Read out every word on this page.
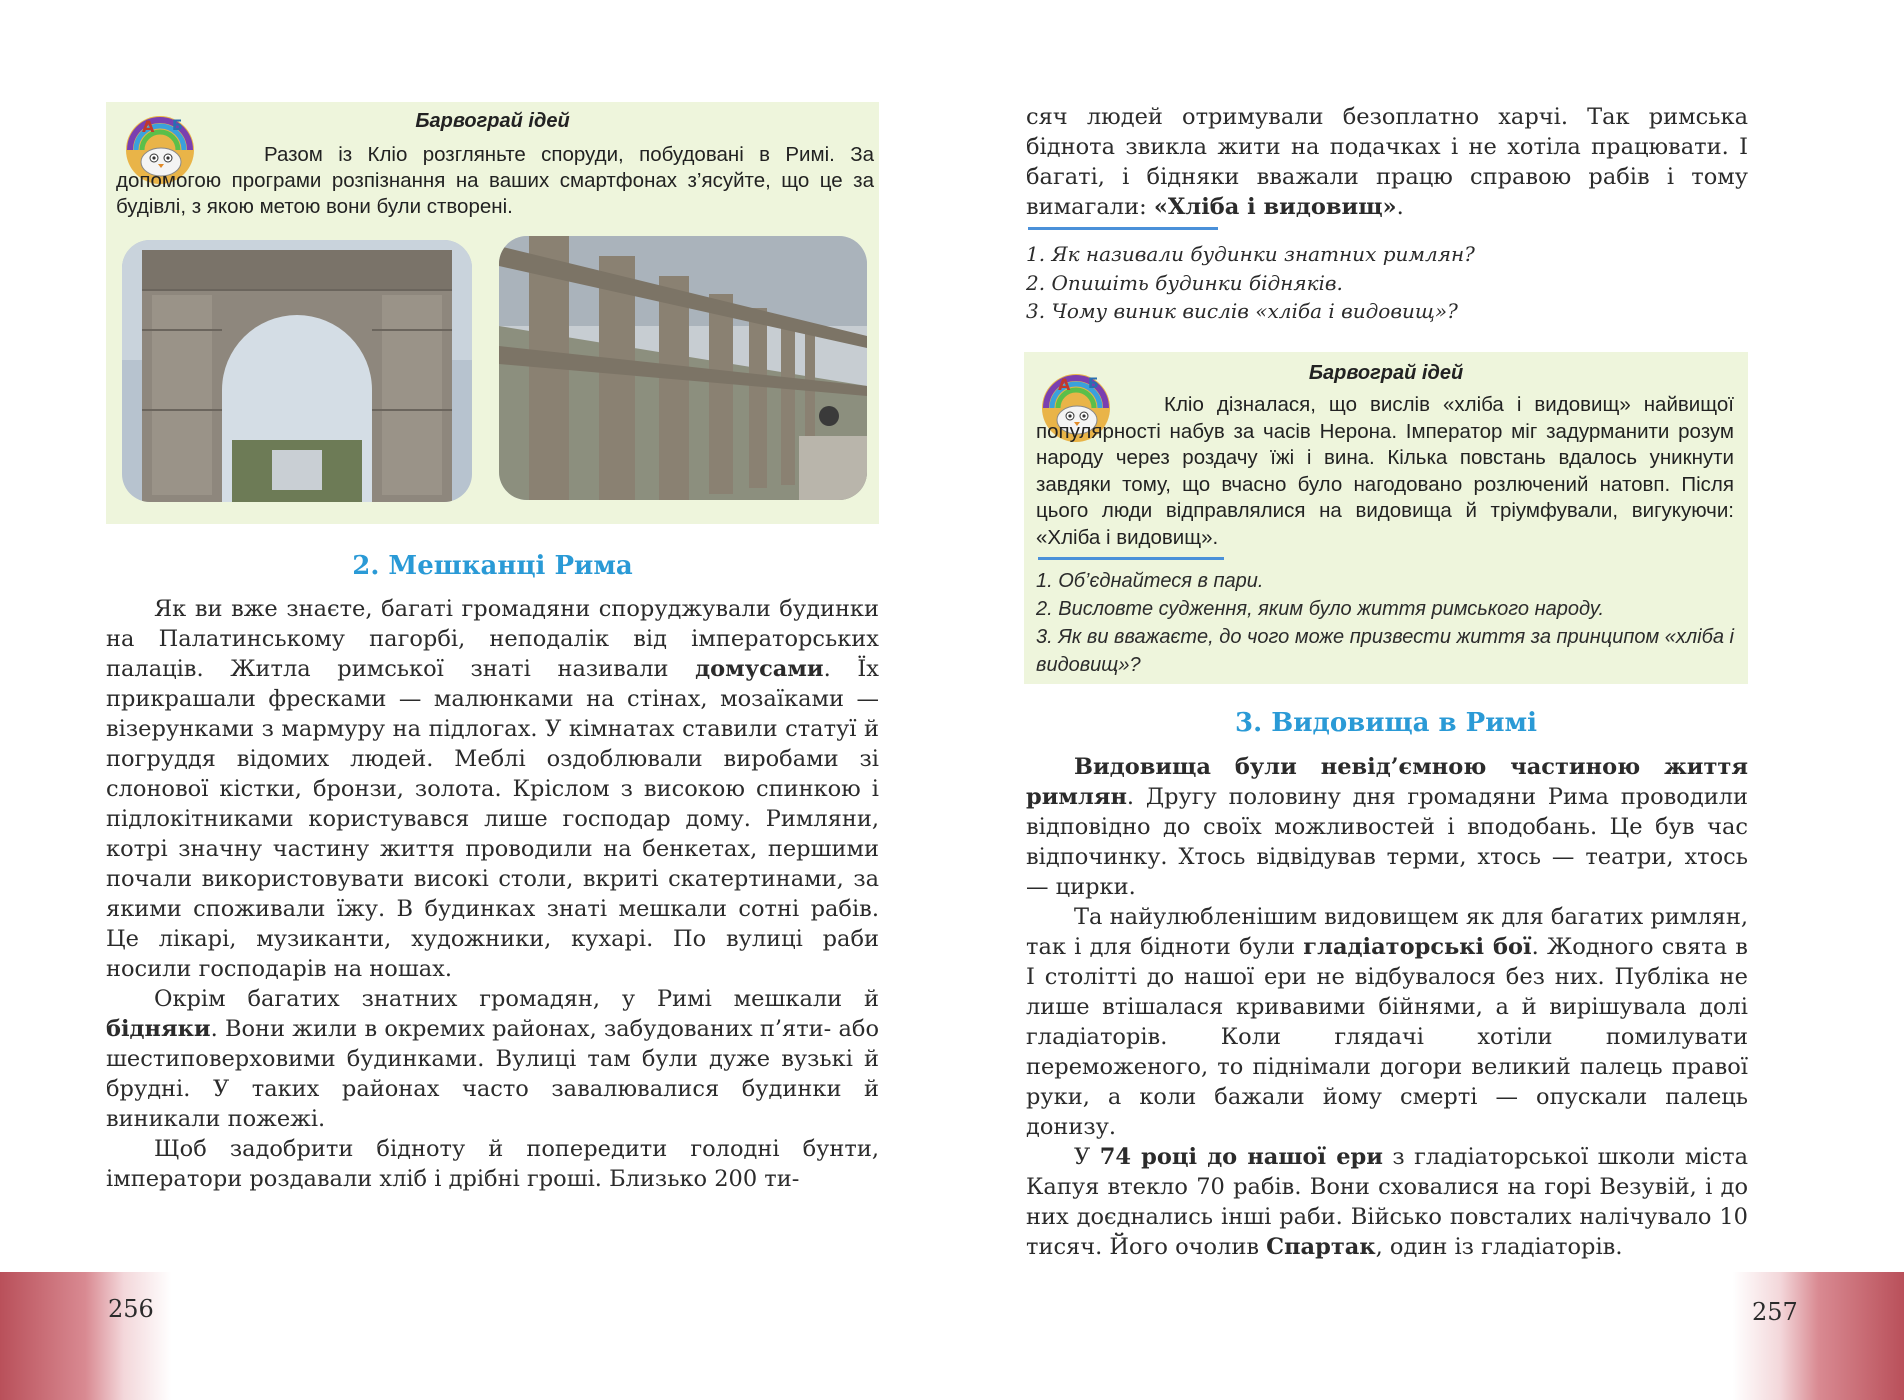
А Б	Барвограй ідей
Разом із Кліо розгляньте споруди, побудовані в Римі. За допомогою програми розпізнання на ваших смартфонах з’ясуйте, що це за будівлі, з якою метою вони були створені.
2. Мешканці Рима

Як ви вже знаєте, багаті громадяни споруджували будинки на Палатинському пагорбі, неподалік від імператорських палаців. Житла римської знаті називали домусами. Їх прикрашали фресками — малюнками на стінах, мозаїками — візерунками з мармуру на підлогах. У кімнатах ставили статуї й погруддя відомих людей. Меблі оздоблювали виробами зі слонової кістки, бронзи, золота. Кріслом з високою спинкою і підлокітниками користувався лише господар дому. Римляни, котрі значну частину життя проводили на бенкетах, першими почали використовувати високі столи, вкриті скатертинами, за якими споживали їжу. В будинках знаті мешкали сотні рабів. Це лікарі, музиканти, художники, кухарі. По вулиці раби носили господарів на ношах.

Окрім багатих знатних громадян, у Римі мешкали й бідняки. Вони жили в окремих районах, забудованих п’яти- або шестиповерховими будинками. Вулиці там були дуже вузькі й брудні. У таких районах часто завалювалися будинки й виникали пожежі.

Щоб задобрити бідноту й попередити голодні бунти, імператори роздавали хліб і дрібні гроші. Близько 200 ти-

256

сяч людей отримували безоплатно харчі. Так римська біднота звикла жити на подачках і не хотіла працювати. І багаті, і бідняки вважали працю справою рабів і тому вимагали: «Хліба і видовищ».

1. Як називали будинки знатних римлян?
2. Опишіть будинки бідняків.
3. Чому виник вислів «хліба і видовищ»?
А Б	Барвограй ідей
Кліо дізналася, що вислів «хліба і видовищ» найвищої популярності набув за часів Нерона. Імператор міг задурманити розум народу через роздачу їжі і вина. Кілька повстань вдалось уникнути завдяки тому, що вчасно було нагодовано розлючений натовп. Після цього люди відправлялися на видовища й тріумфували, вигукуючи: «Хліба і видовищ».
1. Об’єднайтеся в пари.
2. Висловте судження, яким було життя римського народу.
3. Як ви вважаєте, до чого може призвести життя за принципом «хліба і видовищ»?
3. Видовища в Римі

Видовища були невід’ємною частиною життя римлян. Другу половину дня громадяни Рима проводили відповідно до своїх можливостей і вподобань. Це був час відпочинку. Хтось відвідував терми, хтось — театри, хтось — цирки.

Та найулюбленішим видовищем як для багатих римлян, так і для бідноти були гладіаторські бої. Жодного свята в І столітті до нашої ери не відбувалося без них. Публіка не лише втішалася кривавими бійнями, а й вирішувала долі гладіаторів. Коли глядачі хотіли помилувати переможеного, то піднімали догори великий палець правої руки, а коли бажали йому смерті — опускали палець донизу.

У 74 році до нашої ери з гладіаторської школи міста Капуя втекло 70 рабів. Вони сховалися на горі Везувій, і до них доєднались інші раби. Військо повсталих налічувало 10 тисяч. Його очолив Спартак, один із гладіаторів.

257
